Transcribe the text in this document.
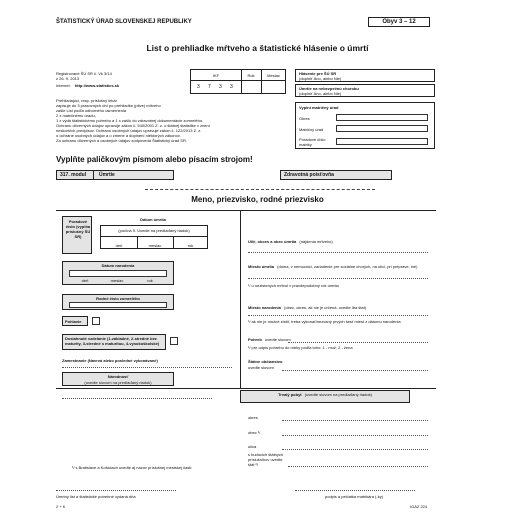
ŠTATISTICKÝ ÚRAD SLOVENSKEJ REPUBLIKY	Obyv 3 – 12
List o prehliadke mŕtveho a štatistické hlásenie o úmrtí
Registrované ŠÚ SR č. Vk 3/14
z 26. 9. 2013
Internet: http://www.statistics.sk
Prehliadajúci, resp. príslušný lekár
zapisuje do 3 prasovných dní po prehliadke (pitve) mŕtveho
zašle List podľa odborného usmernenia
2 x matričnému úradu,
1 x výdá štatistickému pohrebu a 1 x zašlú do zdravotnej dokumentácie zomrelého.
Ochranu dôverných údajov upravuje zákon č. 540/2001 Z. z. o štátnej štatistike v znení
neskorších predpisov. Ochranu osobných údajov upravuje zákon č. 122/2013 Z. z.
o ochrane osobných údajov a o zmene a doplnení niektorých zákonov.
Za ochranu dôverných a osobných údajov zodpovedá Štatistický úrad SR.
IKF	Rok	Mesiac
3 7 3 3
Hlásenie pre ŠÚ SR
(doplniť Áno, alebo Nie)
Úmrtie na nebezpečnú chorobu
(doplniť Áno, alebo Nie)
Vyplní matričný úrad
Okres
Matričný úrad
Poradové číslo matriky
Vyplňte paličkovým písmom alebo písacím strojom!
317. modul	Úmrtie	Zdravotná poisťovňa
Meno, priezvisko, rodné priezvisko
Poradové číslo (vyplňa príslušný ŠÚ SR)
Dátum úmrtia
(počína 9. Uvedie na predlaďaný riadok)
deň	mesiac	rok
Dátum narodenia
deň	mesiac	rok
Rodné číslo zomrelého
Pohlavie
Dosiahnuté vzdelanie (1-základné, 2-stredné bez maturity, 3-stredné s maturitou, 4-vysokoškolské)
Zamestnanie (Navrvá alebo posledné vykonávané)
Národnosť
(uvedte slovom na predlaďaný riadok)
Ulič, obces a obec úmrtia (nájdenia mŕtveho)
Miesto úmrtia (doma, v nemocnici, zariadenie pre sociálne chorých, na ulici, pri preprave, iné)
¹/ u nezistených mŕtvol v pravdepodobný rok úmrtia
Miesto narodenia (obec, okres, ak nie je určená, uvedte iba štát)
¹/ ak nie je možné zistiť, treba vykonať/nezvaný prvých šesť miest z dátumu narodenia
Pohreb uvedte slovom
¹/ pre odpis pohrebu do robky podľa toho: 1 - muž, 2 - žena
Štátne občianstvo
uvedte slovom
Trvalý pobyt (uvedte slovom na predlaďaný riadok)
okres
obec ²/
ulica
s budúcich štátnych príslušníkov uvedte štát ²/
¹/ s Bratislave a Košiciach uvedte aj názov príslušnej mestskej časti
Úmrtný list a štatistické potrebné vydaná dňa	podpis a pečiatka matrikára (-ky)
2 + K	IGAZ 224
